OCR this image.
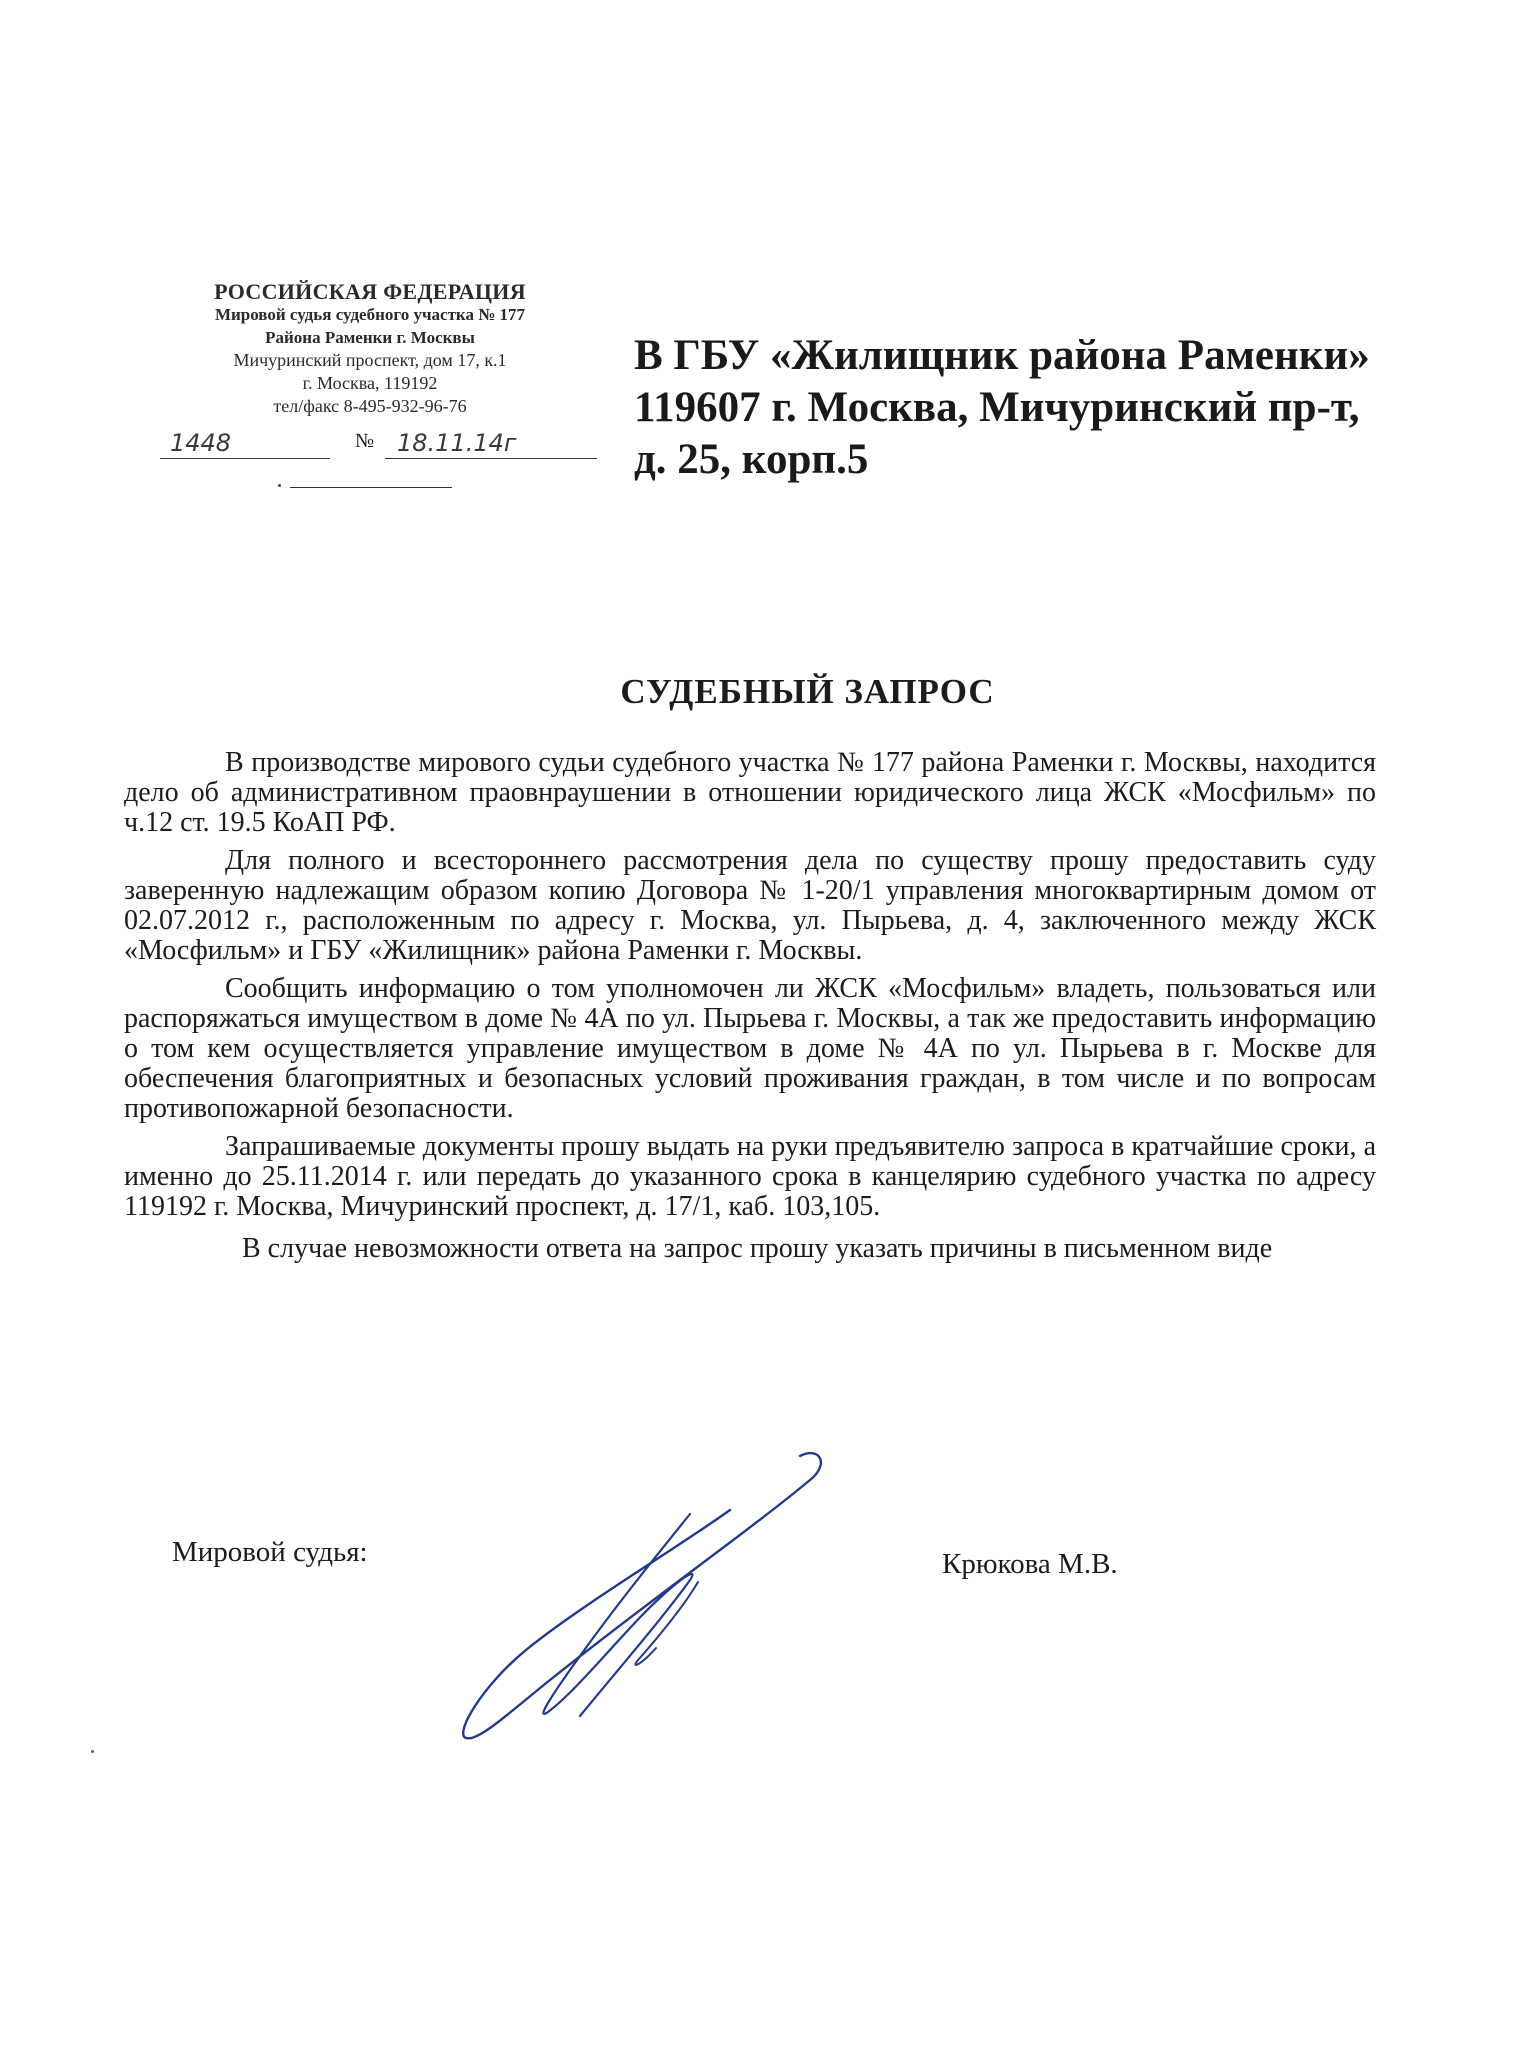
РОССИЙСКАЯ ФЕДЕРАЦИЯ
Мировой судья судебного участка № 177
Района Раменки г. Москвы
Мичуринский проспект, дом 17, к.1
г. Москва, 119192
тел/факс 8-495-932-96-76
1448	№ 18.11.14г
В ГБУ «Жилищник района Раменки»
119607 г. Москва, Мичуринский пр-т,
д. 25, корп.5
СУДЕБНЫЙ ЗАПРОС

В производстве мирового судьи судебного участка № 177 района Раменки г. Москвы, находится дело об административном праовнраушении в отношении юридического лица ЖСК «Мосфильм» по ч.12 ст. 19.5 КоАП РФ.

Для полного и всестороннего рассмотрения дела по существу прошу предоставить суду заверенную надлежащим образом копию Договора № 1-20/1 управления многоквартирным домом от 02.07.2012 г., расположенным по адресу г. Москва, ул. Пырьева, д. 4, заключенного между ЖСК «Мосфильм» и ГБУ «Жилищник» района Раменки г. Москвы.

Сообщить информацию о том уполномочен ли ЖСК «Мосфильм» владеть, пользоваться или распоряжаться имуществом в доме № 4А по ул. Пырьева г. Москвы, а так же предоставить информацию о том кем осуществляется управление имуществом в доме № 4А по ул. Пырьева в г. Москве для обеспечения благоприятных и безопасных условий проживания граждан, в том числе и по вопросам противопожарной безопасности.

Запрашиваемые документы прошу выдать на руки предъявителю запроса в кратчайшие сроки, а именно до 25.11.2014 г. или передать до указанного срока в канцелярию судебного участка по адресу 119192 г. Москва, Мичуринский проспект, д. 17/1, каб. 103,105.

В случае невозможности ответа на запрос прошу указать причины в письменном виде

Мировой судья:	Крюкова М.В.
